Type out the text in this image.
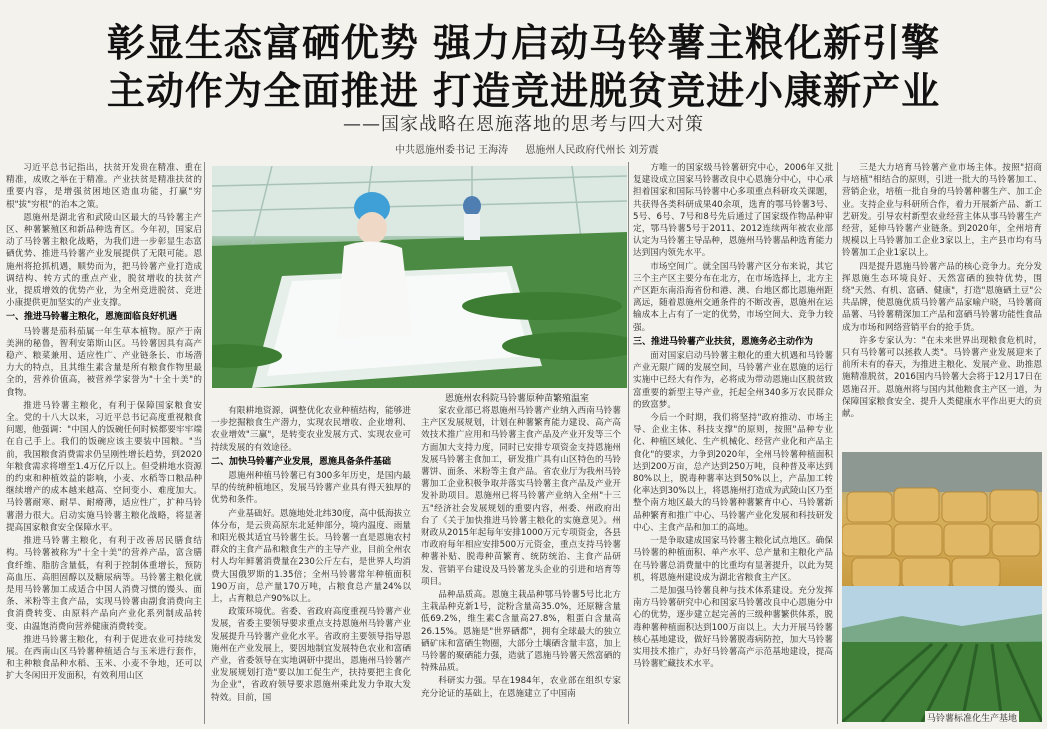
彰显生态富硒优势 强力启动马铃薯主粮化新引擎
主动作为全面推进 打造竞进脱贫竞进小康新产业
——国家战略在恩施落地的思考与四大对策
中共恩施州委书记 王海涛 恩施州人民政府代州长 刘芳震

习近平总书记指出，扶贫开发贵在精准、重在精准，成败之举在于精准。产业扶贫是精准扶贫的重要内容，是增强贫困地区造血功能，打赢"穷根"拔"穷根"的治本之策。

恩施州是湖北省和武陵山区最大的马铃薯主产区、种薯繁殖区和新品种选育区。今年初，国家启动了马铃薯主粮化战略，为我们进一步彰显生态富硒优势、推进马铃薯产业发展提供了无限可能。恩施州将抢抓机遇，顺势而为，把马铃薯产业打造成调结构、转方式的重点产业，脱贫增收的扶贫产业，提质增效的优势产业，为全州竞进脱贫、竞进小康提供更加坚实的产业支撑。

一、推进马铃薯主粮化，恩施面临良好机遇

马铃薯是茄科茄属一年生草本植物。原产于南美洲的秘鲁，智利安第斯山区。马铃薯因具有高产稳产、粮菜兼用、适应性广、产业链条长、市场潜力大的特点，且其维生素含量是所有粮食作物里最全的，营养价值高，被营养学家誉为"十全十美"的食物。

推进马铃薯主粮化，有利于保障国家粮食安全。党的十八大以来，习近平总书记高度重视粮食问题，他强调："中国人的饭碗任何时候都要牢牢端在自己手上。我们的饭碗应该主要装中国粮。"当前，我国粮食消费需求仍呈刚性增长趋势，到2020年粮食需求将增至1.4万亿斤以上。但受耕地水资源的约束和种植效益的影响，小麦、水稻等口粮品种继续增产的成本越来越高、空间变小、难度加大。马铃薯耐寒、耐旱、耐瘠薄，适应性广，扩种马铃薯潜力很大。启动实施马铃薯主粮化战略，将显著提高国家粮食安全保障水平。

推进马铃薯主粮化，有利于改善居民膳食结构。马铃薯被称为"十全十美"的营养产品，富含膳食纤维、脂肪含量低，有利于控制体重增长，预防高血压、高胆固醇以及糖尿病等。马铃薯主粮化就是用马铃薯加工成适合中国人消费习惯的馒头、面条、米粉等主食产品，实现马铃薯由副食消费向主食消费转变、由原料产品向产业化系列制成品转变、由温饱消费向营养健康消费转变。

推进马铃薯主粮化，有利于促进农业可持续发展。在西南山区马铃薯种植适合与玉米进行套作，和主种粮食品种水稻、玉米、小麦不争地，还可以扩大冬闲田开发面积，有效利用山区

恩施州农科院马铃薯原种苗繁殖温室

有限耕地资源，调整优化农业种植结构，能够进一步挖掘粮食生产潜力，实现农民增收、企业增利、农业增效"三赢"，是转变农业发展方式、实现农业可持续发展的有效途径。

二、加快马铃薯产业发展，恩施具备条件基础

恩施州种植马铃薯已有300多年历史，是国内最早的传统种植地区，发展马铃薯产业具有得天独厚的优势和条件。

产业基础好。恩施地处北纬30度，高中低海拔立体分布，是云贵高原东北延伸部分，境内温度、雨量和阳光极其适宜马铃薯生长。马铃薯一直是恩施农村群众的主食产品和粮食生产的主导产业，目前全州农村人均年鲜薯消费量在230公斤左右，是世界人均消费大国俄罗斯的1.35倍；全州马铃薯常年种植面积190万亩，总产量170万吨，占粮食总产量24%以上，占育粮总产90%以上。

政策环境优。省委、省政府高度重视马铃薯产业发展，省委主要领导要求重点支持恩施州马铃薯产业发展提升马铃薯产业化水平。省政府主要领导指导恩施州在产业发展上，要因地制宜发展特色农业和富硒产业，省委领导在实地调研中提出，恩施州马铃薯产业发展规划打造"要以加工促生产，扶持要把主食化为企业"，省政府领导要求恩施州乘此发力争取大发特效。目前，国

家农业部已将恩施州马铃薯产业纳入西南马铃薯主产区发展规划，计划在种薯繁育能力建设、高产高效技术推广应用和马铃薯主食产品及产业开发等三个方面加大支持力度，同时已安排专项资金支持恩施州发展马铃薯主食加工，研发推广具有山区特色的马铃薯饼、面条、米粉等主食产品。省农业厅为我州马铃薯加工企业积极争取并落实马铃薯主食产品及产业开发补助项目。恩施州已将马铃薯产业纳入全州"十三五"经济社会发展规划的重要内容，州委、州政府出台了《关于加快推进马铃薯主粮化的实施意见》。州财政从2015年起每年安排1000万元专项资金，各县市政府每年相应安排500万元资金，重点支持马铃薯种薯补贴、脱毒种苗繁育、统防统治、主食产品研发、营销平台建设及马铃薯龙头企业的引进和培育等项目。

品种品质高。恩施主栽品种鄂马铃薯5号比北方主栽品种克新1号，淀粉含量高35.0%，还原糖含量低69.2%，维生素C含量高27.8%，粗蛋白含量高26.15%。恩施是"世界硒都"，拥有全球最大的独立硒矿床和富硒生物圈，大部分土壤硒含量丰富，加上马铃薯的聚硒能力强，造就了恩施马铃薯天然富硒的特殊品质。

科研实力强。早在1984年，农业部在组织专家充分论证的基础上，在恩施建立了中国南

方唯一的国家级马铃薯研究中心，2006年又批复建设成立国家马铃薯改良中心恩施分中心，中心承担着国家和国际马铃薯中心多项重点科研攻关课题，共获得各类科研成果40余项，选育的鄂马铃薯3号、5号、6号、7号和8号先后通过了国家级作物品种审定，鄂马铃薯5号于2011、2012连续两年被农业部认定为马铃薯主导品种，恩施州马铃薯品种选育能力达到国内领先水平。

市场空间广。就全国马铃薯产区分布来说，其它三个主产区主要分布在北方，在市场选择上，北方主产区距东南沿海省份和港、澳、台地区都比恩施州距离远，随着恩施州交通条件的不断改善，恩施州在运输成本上占有了一定的优势，市场空间大、竞争力较强。

三、推进马铃薯产业扶贫，恩施务必主动作为

面对国家启动马铃薯主粮化的重大机遇和马铃薯产业无限广阔的发展空间，马铃薯产业在恩施的运行实施中已经大有作为，必将成为带动恩施山区脱贫致富重要的新型主导产业，托起全州340多万农民群众的致富梦。

今后一个时期，我们将坚持"政府推动、市场主导、企业主体、科技支撑"的原则，按照"品种专业化、种植区域化、生产机械化、经营产业化和产品主食化"的要求，力争到2020年，全州马铃薯种植面积达到200万亩，总产达到250万吨，良种普及率达到80%以上，脱毒种薯率达到50%以上，产品加工转化率达到30%以上，将恩施州打造成为武陵山区乃至整个南方地区最大的马铃薯种薯繁育中心、马铃薯新品种繁育和推广中心、马铃薯产业化发展和科技研发中心、主食产品和加工的高地。

一是争取建成国家马铃薯主粮化试点地区。确保马铃薯的种植面积、单产水平、总产量和主粮化产品在马铃薯总消费量中的比重均有显著提升，以此为契机，将恩施州建设成为湖北省粮食主产区。

二是加强马铃薯良种与技术体系建设。充分发挥南方马铃薯研究中心和国家马铃薯改良中心恩施分中心的优势，逐步建立起完善的三级种薯繁供体系，脱毒种薯种植面积达到100万亩以上。大力开展马铃薯核心基地建设，做好马铃薯脱毒病防控，加大马铃薯实用技术推广，办好马铃薯高产示范基地建设，提高马铃薯贮藏技术水平。

三是大力培育马铃薯产业市场主体。按照"招商与培植"相结合的原则，引进一批大的马铃薯加工、营销企业，培植一批自身的马铃薯种薯生产、加工企业。支持企业与科研所合作，着力开展新产品、新工艺研发。引导农村新型农业经营主体从事马铃薯生产经营，延伸马铃薯产业链条。到2020年，全州培育规模以上马铃薯加工企业3家以上，主产县市均有马铃薯加工企业1家以上。

四是提升恩施马铃薯产品的核心竞争力。充分发挥恩施生态环境良好、天然富硒的独特优势，围绕"天然、有机、富硒、健康"，打造"恩施硒土豆"公共品牌，使恩施优质马铃薯产品家喻户晓，马铃薯商品薯、马铃薯精深加工产品和富硒马铃薯功能性食品成为市场和网络营销平台的抢手货。

许多专家认为："在未来世界出现粮食危机时，只有马铃薯可以拯救人类"。马铃薯产业发展迎来了前所未有的春天，为推进主粮化、发展产业、助推恩施精准脱贫，2016国内马铃薯大会将于12月17日在恩施召开。恩施州将与国内其他粮食主产区一道，为保障国家粮食安全、提升人类健康水平作出更大的贡献。

马铃薯标准化生产基地
